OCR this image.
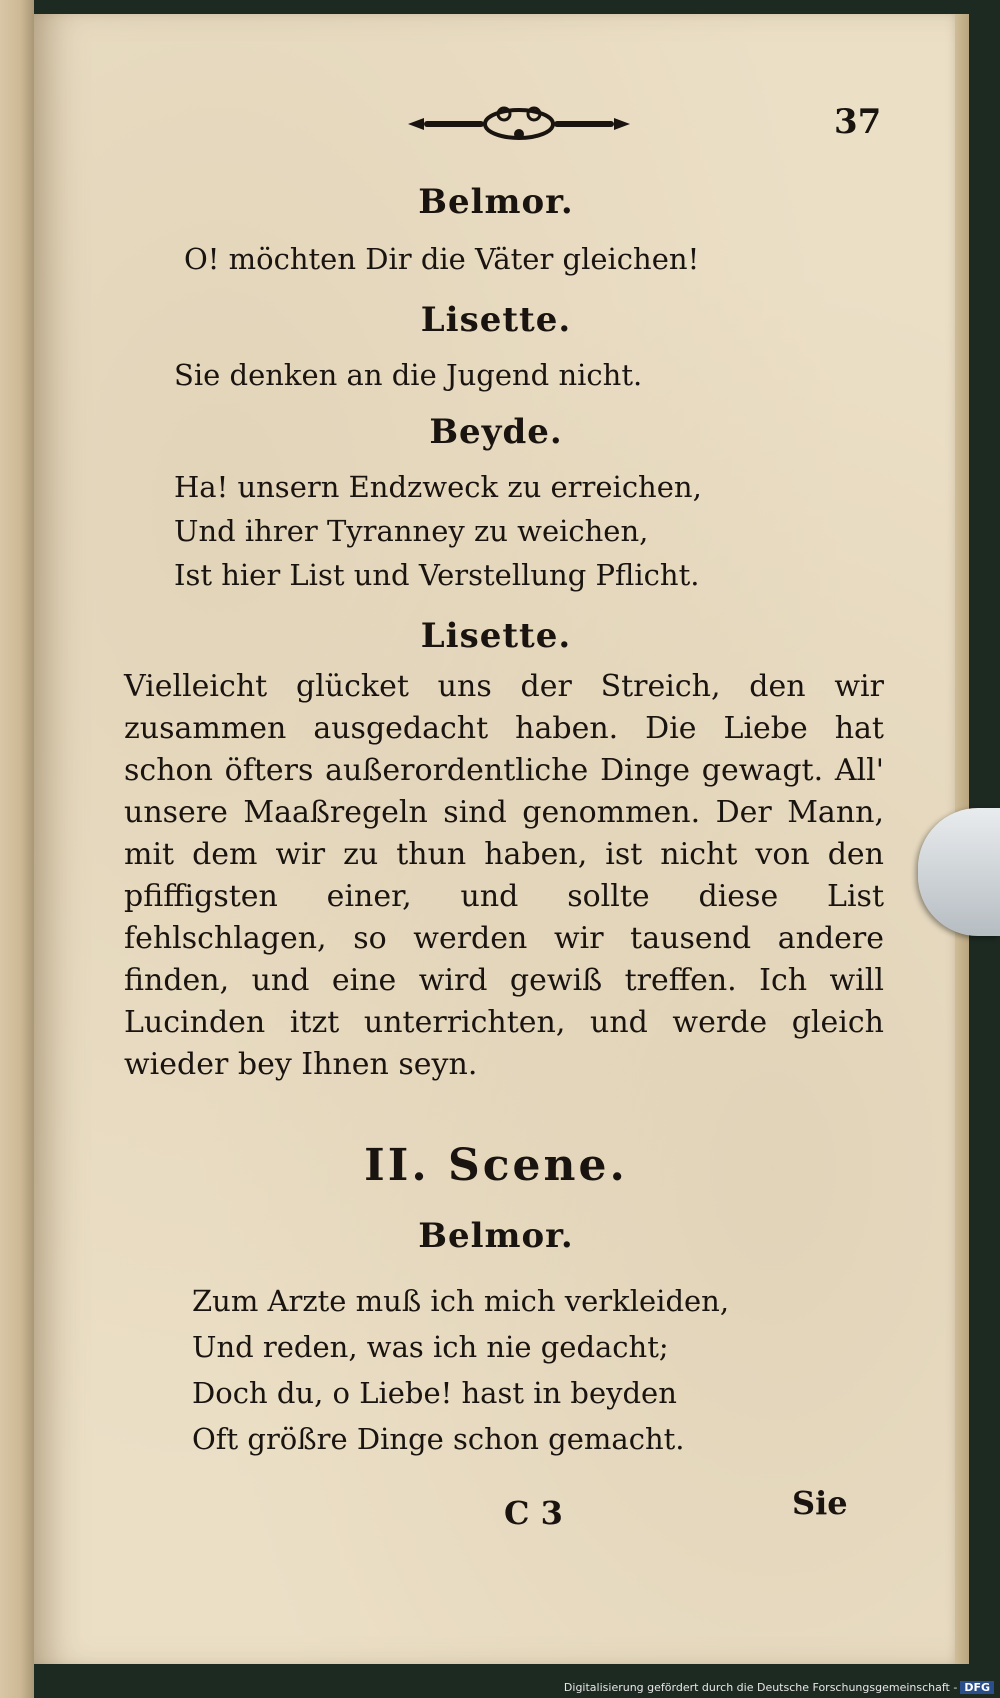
37
Belmor.
O! möchten Dir die Väter gleichen!
Lisette.
Sie denken an die Jugend nicht.
Beyde.
Ha! unsern Endzweck zu erreichen,
Und ihrer Tyranney zu weichen,
Ist hier List und Verstellung Pflicht.
Lisette.
Vielleicht glücket uns der Streich, den wir zusammen ausgedacht haben. Die Liebe hat schon öfters außerordentliche Dinge gewagt. All' unsere Maaßregeln sind genommen. Der Mann, mit dem wir zu thun haben, ist nicht von den pfiffigsten einer, und sollte diese List fehlschlagen, so werden wir tausend andere finden, und eine wird gewiß treffen. Ich will Lucinden itzt unterrichten, und werde gleich wieder bey Ihnen seyn.
II. Scene.
Belmor.
Zum Arzte muß ich mich verkleiden,
Und reden, was ich nie gedacht;
Doch du, o Liebe! hast in beyden
Oft größre Dinge schon gemacht.
C 3	Sie
Digitalisierung gefördert durch die Deutsche Forschungsgemeinschaft - DFG
